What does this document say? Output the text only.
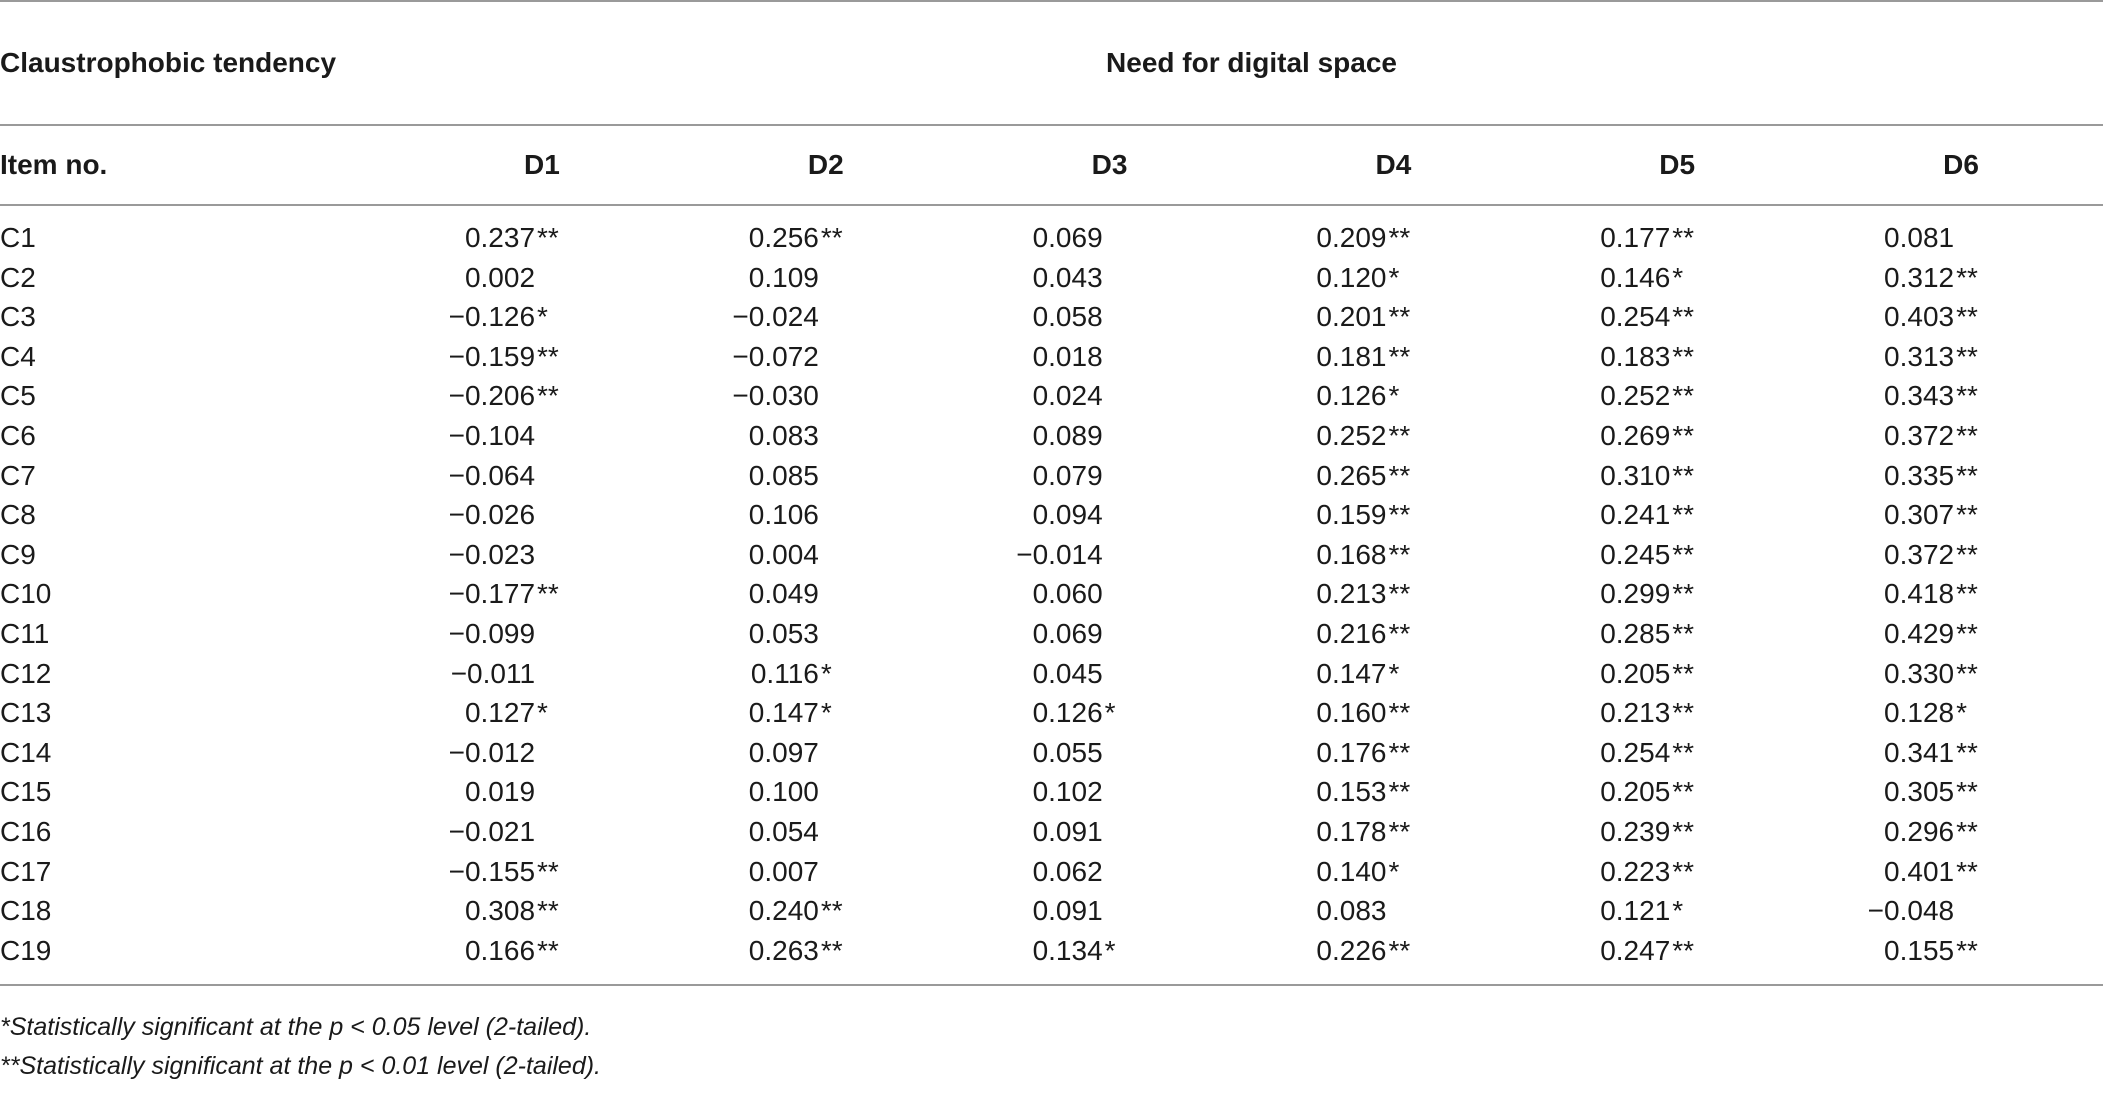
Claustrophobic tendency	Need for digital space					
Item no.	D1	D2	D3	D4	D5	D6
C1	0.237**	0.256**	0.069	0.209**	0.177**	0.081
C2	0.002	0.109	0.043	0.120*	0.146*	0.312**
C3	−0.126*	−0.024	0.058	0.201**	0.254**	0.403**
C4	−0.159**	−0.072	0.018	0.181**	0.183**	0.313**
C5	−0.206**	−0.030	0.024	0.126*	0.252**	0.343**
C6	−0.104	0.083	0.089	0.252**	0.269**	0.372**
C7	−0.064	0.085	0.079	0.265**	0.310**	0.335**
C8	−0.026	0.106	0.094	0.159**	0.241**	0.307**
C9	−0.023	0.004	−0.014	0.168**	0.245**	0.372**
C10	−0.177**	0.049	0.060	0.213**	0.299**	0.418**
C11	−0.099	0.053	0.069	0.216**	0.285**	0.429**
C12	−0.011	0.116*	0.045	0.147*	0.205**	0.330**
C13	0.127*	0.147*	0.126*	0.160**	0.213**	0.128*
C14	−0.012	0.097	0.055	0.176**	0.254**	0.341**
C15	0.019	0.100	0.102	0.153**	0.205**	0.305**
C16	−0.021	0.054	0.091	0.178**	0.239**	0.296**
C17	−0.155**	0.007	0.062	0.140*	0.223**	0.401**
C18	0.308**	0.240**	0.091	0.083	0.121*	−0.048
C19	0.166**	0.263**	0.134*	0.226**	0.247**	0.155**

*Statistically significant at the p < 0.05 level (2-tailed).

**Statistically significant at the p < 0.01 level (2-tailed).
